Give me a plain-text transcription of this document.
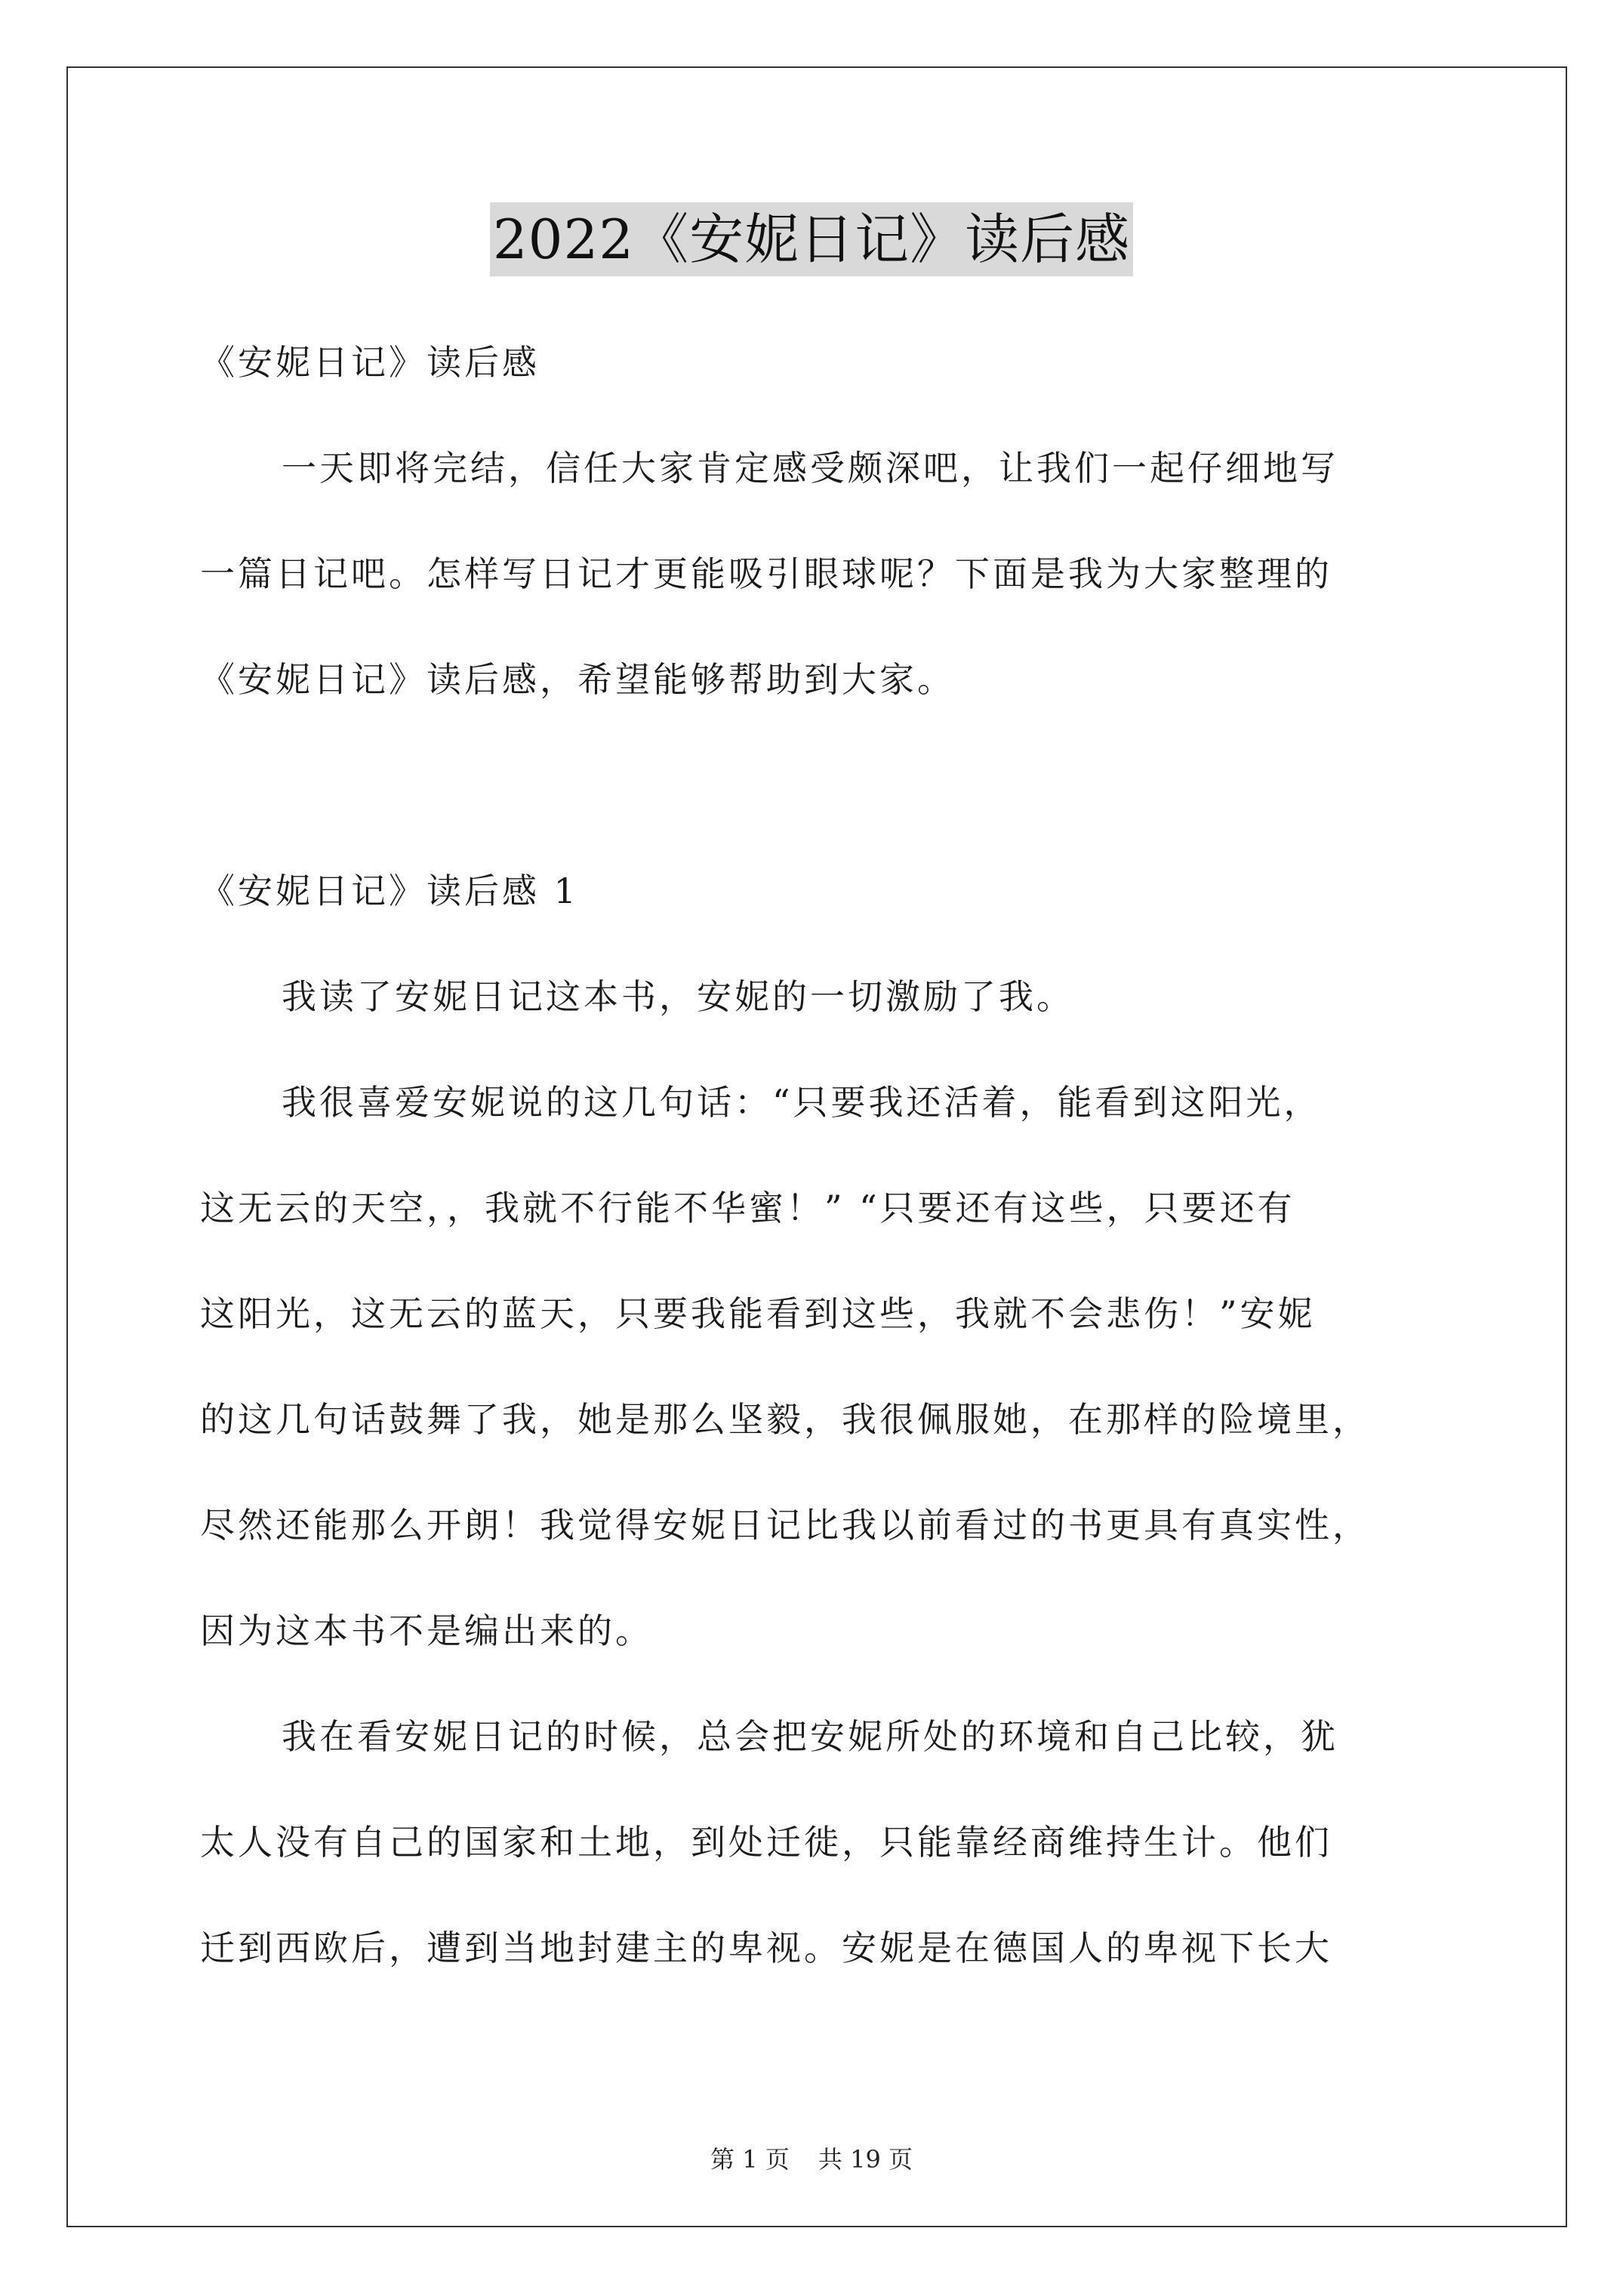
2022《安妮日记》读后感
《安妮日记》读后感
一天即将完结，信任大家肯定感受颇深吧，让我们一起仔细地写
一篇日记吧。怎样写日记才更能吸引眼球呢？下面是我为大家整理的
《安妮日记》读后感，希望能够帮助到大家。
《安妮日记》读后感 1
我读了安妮日记这本书，安妮的一切激励了我。
我很喜爱安妮说的这几句话：“只要我还活着，能看到这阳光，
这无云的天空，，我就不行能不华蜜！” “只要还有这些，只要还有
这阳光，这无云的蓝天，只要我能看到这些，我就不会悲伤！”安妮
的这几句话鼓舞了我，她是那么坚毅，我很佩服她，在那样的险境里，
尽然还能那么开朗！我觉得安妮日记比我以前看过的书更具有真实性，
因为这本书不是编出来的。
我在看安妮日记的时候，总会把安妮所处的环境和自己比较，犹
太人没有自己的国家和土地，到处迁徙，只能靠经商维持生计。他们
迁到西欧后，遭到当地封建主的卑视。安妮是在德国人的卑视下长大
第 1 页 共 19 页
